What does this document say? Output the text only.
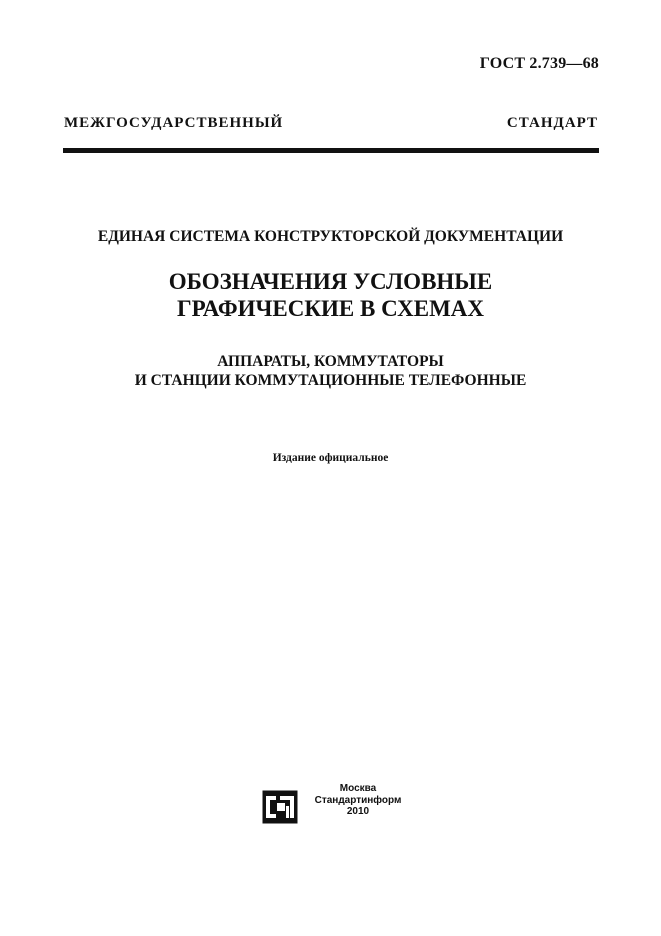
ГОСТ 2.739—68
МЕЖГОСУДАРСТВЕННЫЙ СТАНДАРТ
ЕДИНАЯ СИСТЕМА КОНСТРУКТОРСКОЙ ДОКУМЕНТАЦИИ
ОБОЗНАЧЕНИЯ УСЛОВНЫЕ
ГРАФИЧЕСКИЕ В СХЕМАХ
АППАРАТЫ, КОММУТАТОРЫ
И СТАНЦИИ КОММУТАЦИОННЫЕ ТЕЛЕФОННЫЕ
Издание официальное
Москва
Стандартинформ
2010
